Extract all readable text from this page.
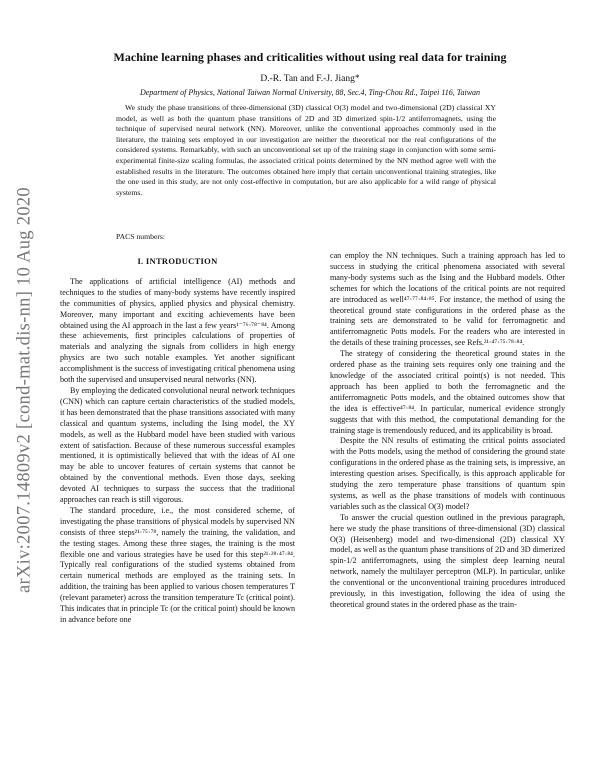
arXiv:2007.14809v2 [cond-mat.dis-nn] 10 Aug 2020
Machine learning phases and criticalities without using real data for training
D.-R. Tan and F.-J. Jiang*
Department of Physics, National Taiwan Normal University, 88, Sec.4, Ting-Chou Rd., Taipei 116, Taiwan
We study the phase transitions of three-dimensional (3D) classical O(3) model and two-dimensional (2D) classical XY model, as well as both the quantum phase transitions of 2D and 3D dimerized spin-1/2 antiferromagnets, using the technique of supervised neural network (NN). Moreover, unlike the conventional approaches commonly used in the literature, the training sets employed in our investigation are neither the theoretical nor the real configurations of the considered systems. Remarkably, with such an unconventional set up of the training stage in conjunction with some semi-experimental finite-size scaling formulas, the associated critical points determined by the NN method agree well with the established results in the literature. The outcomes obtained here imply that certain unconventional training strategies, like the one used in this study, are not only cost-effective in computation, but are also applicable for a wild range of physical systems.
PACS numbers:
I. INTRODUCTION

The applications of artificial intelligence (AI) methods and techniques to the studies of many-body systems have recently inspired the communities of physics, applied physics and physical chemistry. Moreover, many important and exciting achievements have been obtained using the AI approach in the last a few years¹⁻⁷⁶·⁷⁸⁻⁸⁴. Among these achievements, first principles calculations of properties of materials and analyzing the signals from colliders in high energy physics are two such notable examples. Yet another significant accomplishment is the success of investigating critical phenomena using both the supervised and unsupervised neural networks (NN).

By employing the dedicated convolutional neural network techniques (CNN) which can capture certain characteristics of the studied models, it has been demonstrated that the phase transitions associated with many classical and quantum systems, including the Ising model, the XY models, as well as the Hubbard model have been studied with various extent of satisfaction. Because of these numerous successful examples mentioned, it is optimistically believed that with the ideas of AI one may be able to uncover features of certain systems that cannot be obtained by the conventional methods. Even those days, seeking devoted AI techniques to surpass the success that the traditional approaches can reach is still vigorous.

The standard procedure, i.e., the most considered scheme, of investigating the phase transitions of physical models by supervised NN consists of three steps²¹·⁷⁵·⁷⁸, namely the training, the validation, and the testing stages. Among these three stages, the training is the most flexible one and various strategies have be used for this step²¹·²⁸·⁴⁷·⁸⁴. Typically real configurations of the studied systems obtained from certain numerical methods are employed as the training sets. In addition, the training has been applied to various chosen temperatures T (relevant parameter) across the transition temperature Tc (critical point). This indicates that in principle Tc (or the critical point) should be known in advance before one

can employ the NN techniques. Such a training approach has led to success in studying the critical phenomena associated with several many-body systems such as the Ising and the Hubbard models. Other schemes for which the locations of the critical points are not required are introduced as well⁴⁷·⁷⁷·⁸⁴·⁸⁵. For instance, the method of using the theoretical ground state configurations in the ordered phase as the training sets are demonstrated to be valid for ferromagnetic and antiferromagnetic Potts models. For the readers who are interested in the details of these training processes, see Refs.²¹·⁴⁷·⁷⁵·⁷⁸·⁸⁴.

The strategy of considering the theoretical ground states in the ordered phase as the training sets requires only one training and the knowledge of the associated critical point(s) is not needed. This approach has been applied to both the ferromagnetic and the antiferromagnetic Potts models, and the obtained outcomes show that the idea is effective⁴⁷·⁸⁴. In particular, numerical evidence strongly suggests that with this method, the computational demanding for the training stage is tremendously reduced, and its applicability is broad.

Despite the NN results of estimating the critical points associated with the Potts models, using the method of considering the ground state configurations in the ordered phase as the training sets, is impressive, an interesting question arises. Specifically, is this approach applicable for studying the zero temperature phase transitions of quantum spin systems, as well as the phase transitions of models with continuous variables such as the classical O(3) model?

To answer the crucial question outlined in the previous paragraph, here we study the phase transitions of three-dimensional (3D) classical O(3) (Heisenberg) model and two-dimensional (2D) classical XY model, as well as the quantum phase transitions of 2D and 3D dimerized spin-1/2 antiferromagnets, using the simplest deep learning neural network, namely the multilayer perceptron (MLP). In particular, unlike the conventional or the unconventional training procedures introduced previously, in this investigation, following the idea of using the theoretical ground states in the ordered phase as the train-
